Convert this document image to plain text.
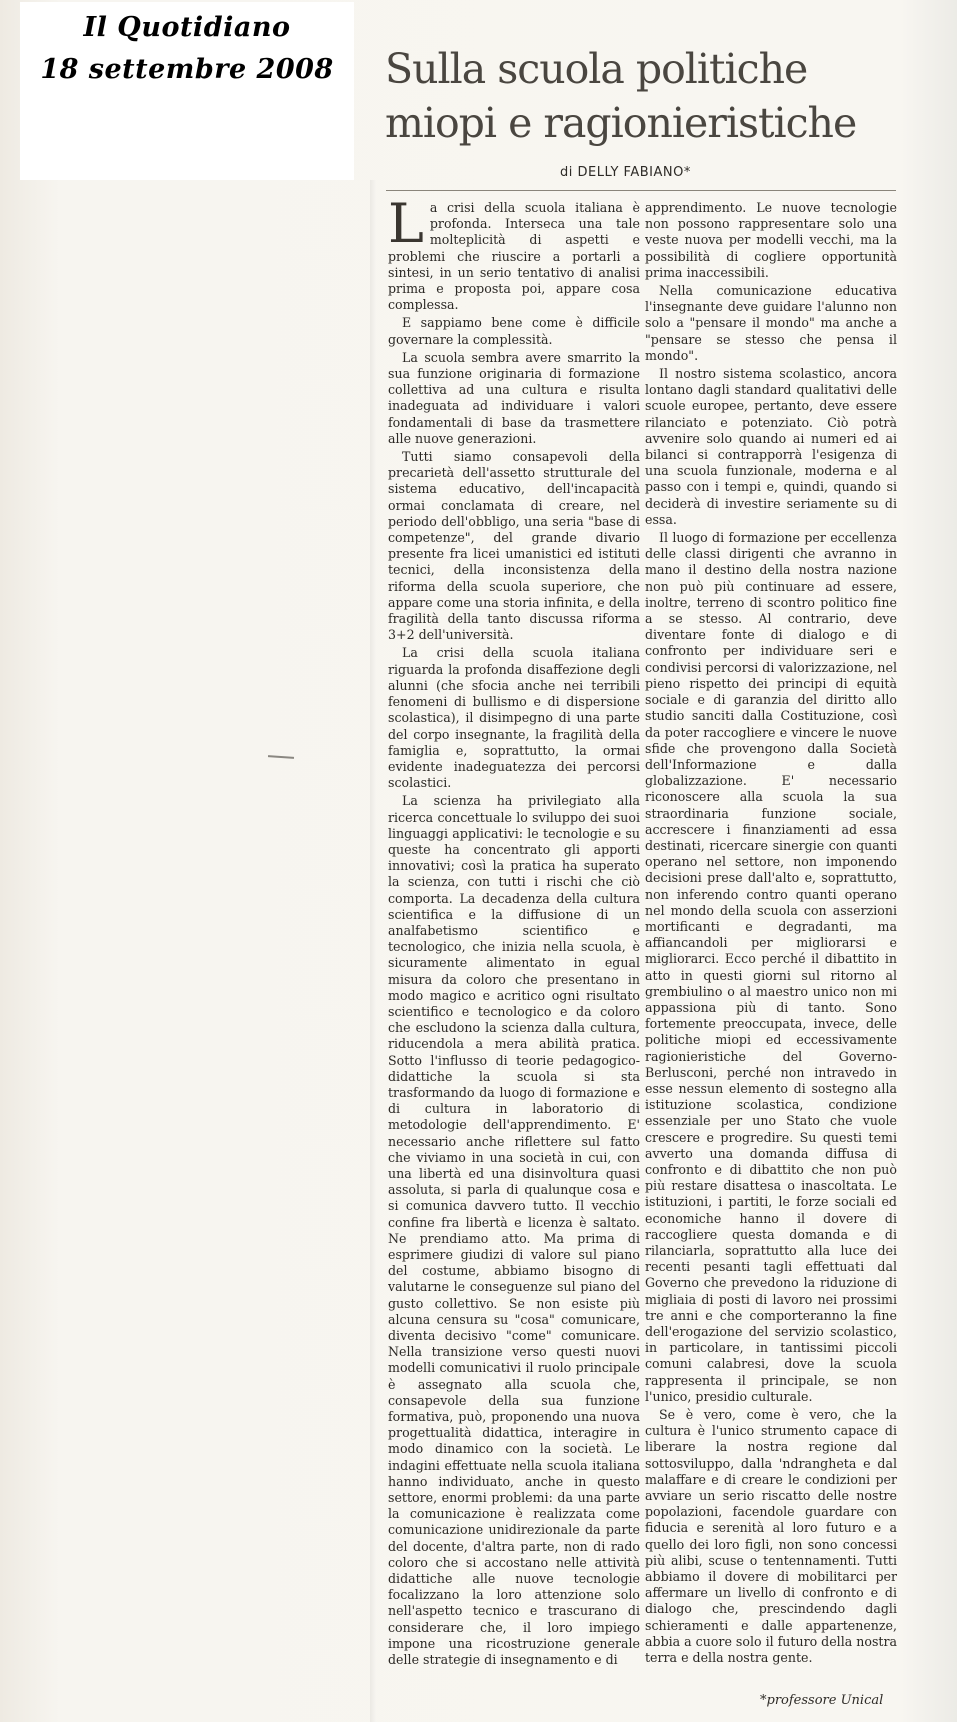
Il Quotidiano
18 settembre 2008	Sulla scuola politiche
miopi e ragionieristiche
di DELLY FABIANO*
L a crisi della scuola italiana è profonda. Interseca una tale molteplicità di aspetti e problemi che riuscire a portarli a sintesi, in un serio tentativo di analisi prima e proposta poi, appare cosa complessa.

E sappiamo bene come è difficile governare la complessità.

La scuola sembra avere smarrito la sua funzione originaria di formazione collettiva ad una cultura e risulta inadeguata ad individuare i valori fondamentali di base da trasmettere alle nuove generazioni.

Tutti siamo consapevoli della precarietà dell'assetto strutturale del sistema educativo, dell'incapacità ormai conclamata di creare, nel periodo dell'obbligo, una seria "base di competenze", del grande divario presente fra licei umanistici ed istituti tecnici, della inconsistenza della riforma della scuola superiore, che appare come una storia infinita, e della fragilità della tanto discussa riforma 3+2 dell'università.

La crisi della scuola italiana riguarda la profonda disaffezione degli alunni (che sfocia anche nei terribili fenomeni di bullismo e di dispersione scolastica), il disimpegno di una parte del corpo insegnante, la fragilità della famiglia e, soprattutto, la ormai evidente inadeguatezza dei percorsi scolastici.

La scienza ha privilegiato alla ricerca concettuale lo sviluppo dei suoi linguaggi applicativi: le tecnologie e su queste ha concentrato gli apporti innovativi; così la pratica ha superato la scienza, con tutti i rischi che ciò comporta. La decadenza della cultura scientifica e la diffusione di un analfabetismo scientifico e tecnologico, che inizia nella scuola, è sicuramente alimentato in egual misura da coloro che presentano in modo magico e acritico ogni risultato scientifico e tecnologico e da coloro che escludono la scienza dalla cultura, riducendola a mera abilità pratica. Sotto l'influsso di teorie pedagogico-didattiche la scuola si sta trasformando da luogo di formazione e di cultura in laboratorio di metodologie dell'apprendimento. E' necessario anche riflettere sul fatto che viviamo in una società in cui, con una libertà ed una disinvoltura quasi assoluta, si parla di qualunque cosa e si comunica davvero tutto. Il vecchio confine fra libertà e licenza è saltato. Ne prendiamo atto. Ma prima di esprimere giudizi di valore sul piano del costume, abbiamo bisogno di valutarne le conseguenze sul piano del gusto collettivo. Se non esiste più alcuna censura su "cosa" comunicare, diventa decisivo "come" comunicare. Nella transizione verso questi nuovi modelli comunicativi il ruolo principale è assegnato alla scuola che, consapevole della sua funzione formativa, può, proponendo una nuova progettualità didattica, interagire in modo dinamico con la società. Le indagini effettuate nella scuola italiana hanno individuato, anche in questo settore, enormi problemi: da una parte la comunicazione è realizzata come comunicazione unidirezionale da parte del docente, d'altra parte, non di rado coloro che si accostano nelle attività didattiche alle nuove tecnologie focalizzano la loro attenzione solo nell'aspetto tecnico e trascurano di considerare che, il loro impiego impone una ricostruzione generale delle strategie di insegnamento e di

apprendimento. Le nuove tecnologie non possono rappresentare solo una veste nuova per modelli vecchi, ma la possibilità di cogliere opportunità prima inaccessibili.

Nella comunicazione educativa l'insegnante deve guidare l'alunno non solo a "pensare il mondo" ma anche a "pensare se stesso che pensa il mondo".

Il nostro sistema scolastico, ancora lontano dagli standard qualitativi delle scuole europee, pertanto, deve essere rilanciato e potenziato. Ciò potrà avvenire solo quando ai numeri ed ai bilanci si contrapporrà l'esigenza di una scuola funzionale, moderna e al passo con i tempi e, quindi, quando si deciderà di investire seriamente su di essa.

Il luogo di formazione per eccellenza delle classi dirigenti che avranno in mano il destino della nostra nazione non può più continuare ad essere, inoltre, terreno di scontro politico fine a se stesso. Al contrario, deve diventare fonte di dialogo e di confronto per individuare seri e condivisi percorsi di valorizzazione, nel pieno rispetto dei principi di equità sociale e di garanzia del diritto allo studio sanciti dalla Costituzione, così da poter raccogliere e vincere le nuove sfide che provengono dalla Società dell'Informazione e dalla globalizzazione. E' necessario riconoscere alla scuola la sua straordinaria funzione sociale, accrescere i finanziamenti ad essa destinati, ricercare sinergie con quanti operano nel settore, non imponendo decisioni prese dall'alto e, soprattutto, non inferendo contro quanti operano nel mondo della scuola con asserzioni mortificanti e degradanti, ma affiancandoli per migliorarsi e migliorarci. Ecco perché il dibattito in atto in questi giorni sul ritorno al grembiulino o al maestro unico non mi appassiona più di tanto. Sono fortemente preoccupata, invece, delle politiche miopi ed eccessivamente ragionieristiche del Governo-Berlusconi, perché non intravedo in esse nessun elemento di sostegno alla istituzione scolastica, condizione essenziale per uno Stato che vuole crescere e progredire. Su questi temi avverto una domanda diffusa di confronto e di dibattito che non può più restare disattesa o inascoltata. Le istituzioni, i partiti, le forze sociali ed economiche hanno il dovere di raccogliere questa domanda e di rilanciarla, soprattutto alla luce dei recenti pesanti tagli effettuati dal Governo che prevedono la riduzione di migliaia di posti di lavoro nei prossimi tre anni e che comporteranno la fine dell'erogazione del servizio scolastico, in particolare, in tantissimi piccoli comuni calabresi, dove la scuola rappresenta il principale, se non l'unico, presidio culturale.

Se è vero, come è vero, che la cultura è l'unico strumento capace di liberare la nostra regione dal sottosviluppo, dalla 'ndrangheta e dal malaffare e di creare le condizioni per avviare un serio riscatto delle nostre popolazioni, facendole guardare con fiducia e serenità al loro futuro e a quello dei loro figli, non sono concessi più alibi, scuse o tentennamenti. Tutti abbiamo il dovere di mobilitarci per affermare un livello di confronto e di dialogo che, prescindendo dagli schieramenti e dalle appartenenze, abbia a cuore solo il futuro della nostra terra e della nostra gente.

*professore Unical
